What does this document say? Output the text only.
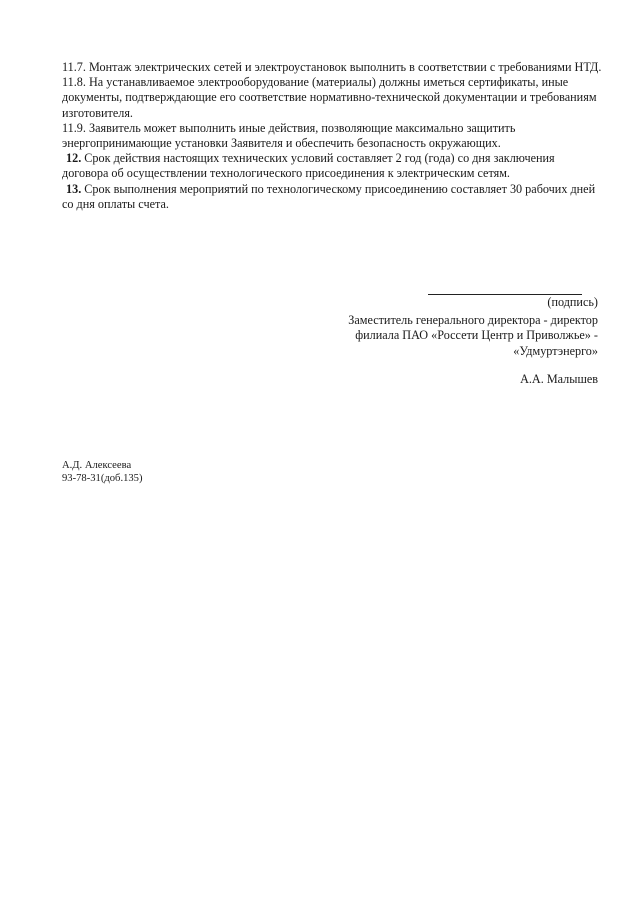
11.7. Монтаж электрических сетей и электроустановок выполнить в соответствии с требованиями НТД.

11.8. На устанавливаемое электрооборудование (материалы) должны иметься сертификаты, иные документы, подтверждающие его соответствие нормативно-технической документации и требованиям изготовителя.

11.9. Заявитель может выполнить иные действия, позволяющие максимально защитить энергопринимающие установки Заявителя и обеспечить безопасность окружающих.

12. Срок действия настоящих технических условий составляет 2 год (года) со дня заключения договора об осуществлении технологического присоединения к электрическим сетям.

13. Срок выполнения мероприятий по технологическому присоединению составляет 30 рабочих дней со дня оплаты счета.

(подпись)
Заместитель генерального директора - директор
филиала ПАО «Россети Центр и Приволжье» -
«Удмуртэнерго»
А.А. Малышев
А.Д. Алексеева
93-78-31(доб.135)
